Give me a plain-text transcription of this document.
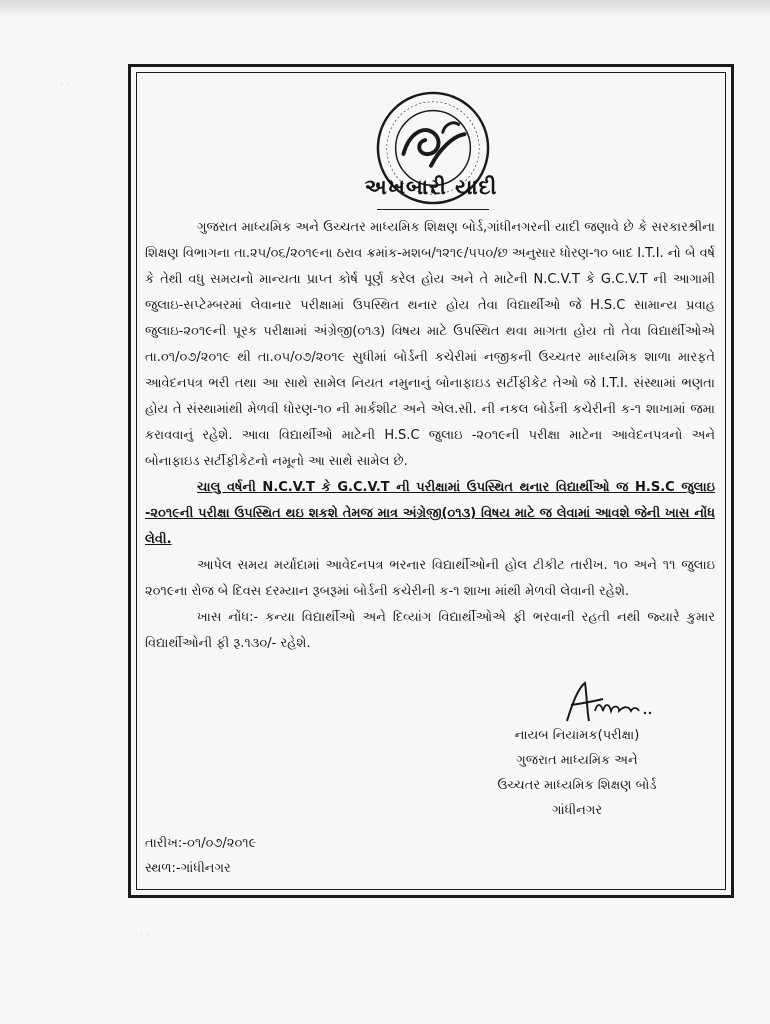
· ·
· ·
અખબારી યાદી

ગુજરાત માધ્યમિક અને ઉચ્ચતર માધ્યમિક શિક્ષણ બોર્ડ,ગાંધીનગરની યાદી જણાવે છે કે સરકારશ્રીના શિક્ષણ વિભાગના તા.૨૫/૦૬/૨૦૧૯ના ઠરાવ ક્રમાંક-મશબ/૧૨૧૯/૫૫૦/છ અનુસાર ધોરણ-૧૦ બાદ I.T.I. નો બે વર્ષ કે તેથી વધુ સમયનો માન્યતા પ્રાપ્ત કોર્ષ પૂર્ણ કરેલ હોય અને તે માટેની N.C.V.T કે G.C.V.T ની આગામી જુલાઇ-સપ્ટેમ્બરમાં લેવાનાર પરીક્ષામાં ઉપસ્થિત થનાર હોય તેવા વિદ્યાર્થીઓ જે H.S.C સામાન્ય પ્રવાહ જુલાઇ-૨૦૧૯ની પૂરક પરીક્ષામાં અંગ્રેજી(૦૧૩) વિષય માટે ઉપસ્થિત થવા માગતા હોય તો તેવા વિદ્યાર્થીઓએ તા.૦૧/૦૭/૨૦૧૯ થી તા.૦૫/૦૭/૨૦૧૯ સુધીમાં બોર્ડની કચેરીમાં નજીકની ઉચ્ચતર માધ્યમિક શાળા મારફતે આવેદનપત્ર ભરી તથા આ સાથે સામેલ નિયત નમુનાનું બોનાફાઇડ સર્ટીફીકેટ તેઓ જે I.T.I. સંસ્થામાં ભણતા હોય તે સંસ્થામાંથી મેળવી ધોરણ-૧૦ ની માર્કશીટ અને એલ.સી. ની નકલ બોર્ડની કચેરીની ક-૧ શાખામાં જમા કરાવવાનું રહેશે. આવા વિદ્યાર્થીઓ માટેની H.S.C જુલાઇ -૨૦૧૯ની પરીક્ષા માટેના આવેદનપત્રનો અને બોનાફાઇડ સર્ટીફીકેટનો નમૂનો આ સાથે સામેલ છે.

ચાલુ વર્ષની N.C.V.T કે G.C.V.T ની પરીક્ષામાં ઉપસ્થિત થનાર વિદ્યાર્થીઓ જ H.S.C જુલાઇ -૨૦૧૯ની પરીક્ષા ઉપસ્થિત થઇ શકશે તેમજ માત્ર અંગ્રેજી(૦૧૩) વિષય માટે જ લેવામાં આવશે જેની ખાસ નોંધ લેવી.

આપેલ સમય મર્યાદામાં આવેદનપત્ર ભરનાર વિદ્યાર્થીઓની હોલ ટીકીટ તારીખ. ૧૦ અને ૧૧ જુલાઇ ૨૦૧૯ના રોજ બે દિવસ દરમ્યાન રૂબરૂમાં બોર્ડની કચેરીની ક-૧ શાખા માંથી મેળવી લેવાની રહેશે.

ખાસ નોંધ:- કન્યા વિદ્યાર્થીઓ અને દિવ્યાંગ વિદ્યાર્થીઓએ ફી ભરવાની રહતી નથી જ્યારે કુમાર વિદ્યાર્થીઓની ફી રૂ.૧૩૦/- રહેશે.

નાયબ નિયામક(પરીક્ષા)
ગુજરાત માધ્યમિક અને
ઉચ્ચતર માધ્યમિક શિક્ષણ બોર્ડ
ગાંધીનગર
તારીખ:-૦૧/૦૭/૨૦૧૯
સ્થળ:-ગાંધીનગર
